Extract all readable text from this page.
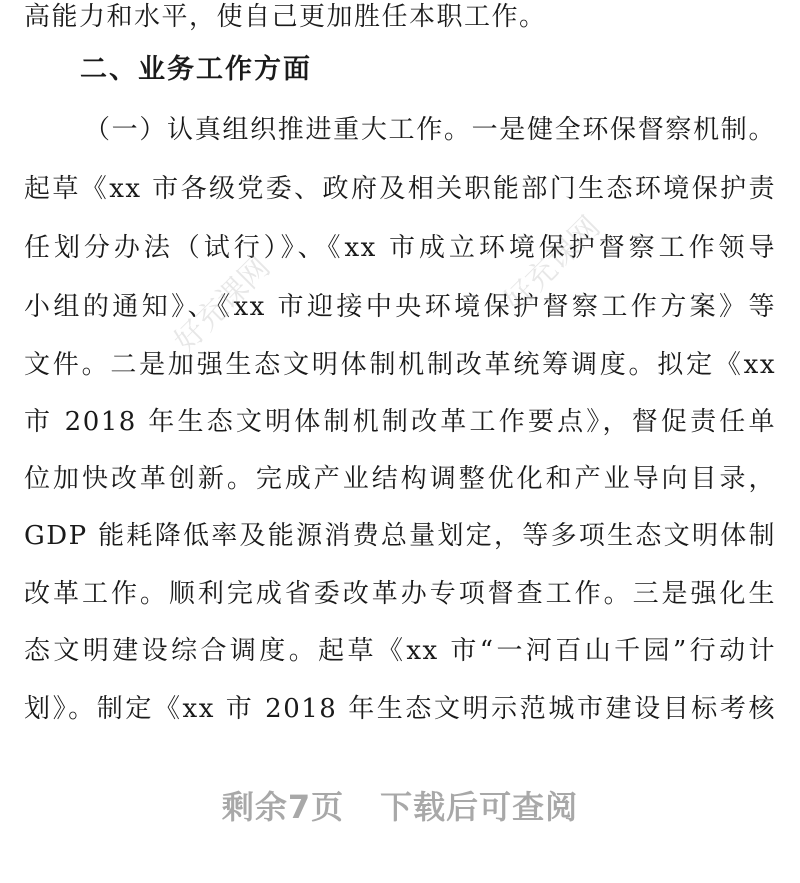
高能力和水平，使自己更加胜任本职工作。
二、业务工作方面
（一）认真组织推进重大工作。一是健全环保督察机制。
起草《xx 市各级党委、政府及相关职能部门生态环境保护责
任划分办法（试行）》、《xx 市成立环境保护督察工作领导
小组的通知》、《xx 市迎接中央环境保护督察工作方案》等
文件。二是加强生态文明体制机制改革统筹调度。拟定《xx
市 2018 年生态文明体制机制改革工作要点》，督促责任单
位加快改革创新。完成产业结构调整优化和产业导向目录，
GDP 能耗降低率及能源消费总量划定，等多项生态文明体制
改革工作。顺利完成省委改革办专项督查工作。三是强化生
态文明建设综合调度。起草《xx 市“一河百山千园”行动计
划》。制定《xx 市 2018 年生态文明示范城市建设目标考核
好充课网	好充课网
剩余7页 下载后可查阅
